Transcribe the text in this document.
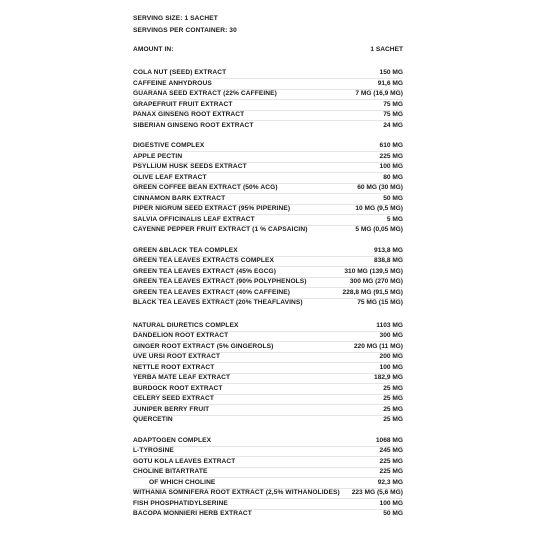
SERVING SIZE: 1 SACHET
SERVINGS PER CONTAINER: 30
AMOUNT IN:	1 SACHET
COLA NUT (SEED) EXTRACT	150 MG
CAFFEINE ANHYDROUS	91,6 MG
GUARANA SEED EXTRACT (22% CAFFEINE)	7 MG (16,9 MG)
GRAPEFRUIT FRUIT EXTRACT	75 MG
PANAX GINSENG ROOT EXTRACT	75 MG
SIBERIAN GINSENG ROOT EXTRACT	24 MG
DIGESTIVE COMPLEX	610 MG
APPLE PECTIN	225 MG
PSYLLIUM HUSK SEEDS EXTRACT	100 MG
OLIVE LEAF EXTRACT	80 MG
GREEN COFFEE BEAN EXTRACT (50% ACG)	60 MG (30 MG)
CINNAMON BARK EXTRACT	50 MG
PIPER NIGRUM SEED EXTRACT (95% PIPERINE)	10 MG (9,5 MG)
SALVIA OFFICINALIS LEAF EXTRACT	5 MG
CAYENNE PEPPER FRUIT EXTRACT (1 % CAPSAICIN)	5 MG (0,05 MG)
GREEN &BLACK TEA COMPLEX	913,8 MG
GREEN TEA LEAVES EXTRACTS COMPLEX	838,8 MG
GREEN TEA LEAVES EXTRACT (45% EGCG)	310 MG (139,5 MG)
GREEN TEA LEAVES EXTRACT (90% POLYPHENOLS)	300 MG (270 MG)
GREEN TEA LEAVES EXTRACT (40% CAFFEINE)	228,8 MG (91,5 MG)
BLACK TEA LEAVES EXTRACT (20% THEAFLAVINS)	75 MG (15 MG)
NATURAL DIURETICS COMPLEX	1103 MG
DANDELION ROOT EXTRACT	300 MG
GINGER ROOT EXTRACT (5% GINGEROLS)	220 MG (11 MG)
UVE URSI ROOT EXTRACT	200 MG
NETTLE ROOT EXTRACT	100 MG
YERBA MATE LEAF EXTRACT	182,9 MG
BURDOCK ROOT EXTRACT	25 MG
CELERY SEED EXTRACT	25 MG
JUNIPER BERRY FRUIT	25 MG
QUERCETIN	25 MG
ADAPTOGEN COMPLEX	1068 MG
L-TYROSINE	245 MG
GOTU KOLA LEAVES EXTRACT	225 MG
CHOLINE BITARTRATE	225 MG
OF WHICH CHOLINE	92,3 MG
WITHANIA SOMNIFERA ROOT EXTRACT (2,5% WITHANOLIDES) 223 MG (5,6 MG)
FISH PHOSPHATIDYLSERINE	100 MG
BACOPA MONNIERI HERB EXTRACT	50 MG
